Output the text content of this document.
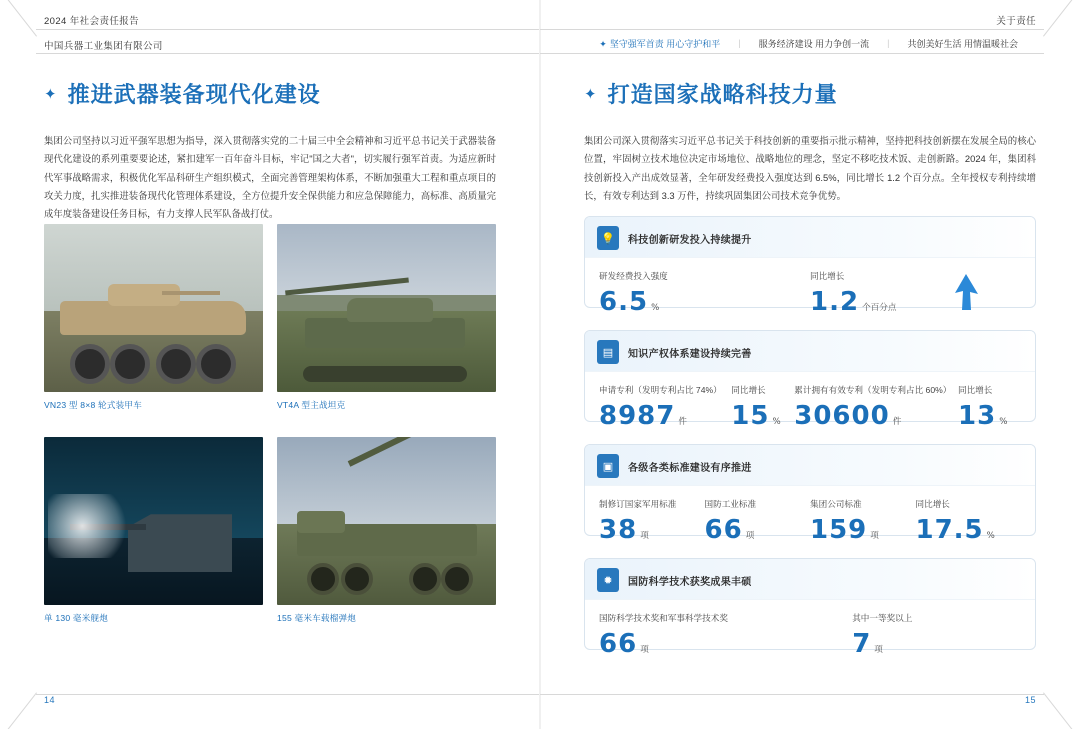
2024 年社会责任报告
中国兵器工业集团有限公司
✦ 推进武器装备现代化建设
集团公司坚持以习近平强军思想为指导，深入贯彻落实党的二十届三中全会精神和习近平总书记关于武器装备现代化建设的系列重要要论述，紧扣建军一百年奋斗目标，牢记"国之大者"，切实履行强军首责。为适应新时代军事战略需求，积极优化军品科研生产组织模式，全面完善管理架构体系，不断加强重大工程和重点项目的攻关力度，扎实推进装备现代化管理体系建设，全方位提升安全保供能力和应急保障能力，高标准、高质量完成年度装备建设任务目标，有力支撑人民军队备战打仗。
VN23 型 8×8 轮式装甲车	VT4A 型主战坦克
单 130 毫米舰炮	155 毫米车载榴弹炮
14
关于责任
✦ 坚守强军首责 用心守护和平	|	服务经济建设 用力争创一流	|	共创美好生活 用情温暖社会
✦ 打造国家战略科技力量
集团公司深入贯彻落实习近平总书记关于科技创新的重要指示批示精神，坚持把科技创新摆在发展全局的核心位置，牢固树立技术地位决定市场地位、战略地位的理念，坚定不移吃技术饭、走创新路。2024 年，集团科技创新投入产出成效显著，全年研发经费投入强度达到 6.5%，同比增长 1.2 个百分点。全年授权专利持续增长，有效专利达到 3.3 万件，持续巩固集团公司技术竞争优势。
💡	科技创新研发投入持续提升
研发经费投入强度
6.5 %
同比增长
1.2 个百分点
▤	知识产权体系建设持续完善
申请专利（发明专利占比 74%）
8987 件
同比增长
15 %
累计拥有有效专利（发明专利占比 60%）
30600 件
同比增长
13 %
▣	各级各类标准建设有序推进
制修订国家军用标准
38 项
国防工业标准
66 项
集团公司标准
159 项
同比增长
17.5 %
✹	国防科学技术获奖成果丰硕
国防科学技术奖和军事科学技术奖
66 项
其中一等奖以上
7 项
15
